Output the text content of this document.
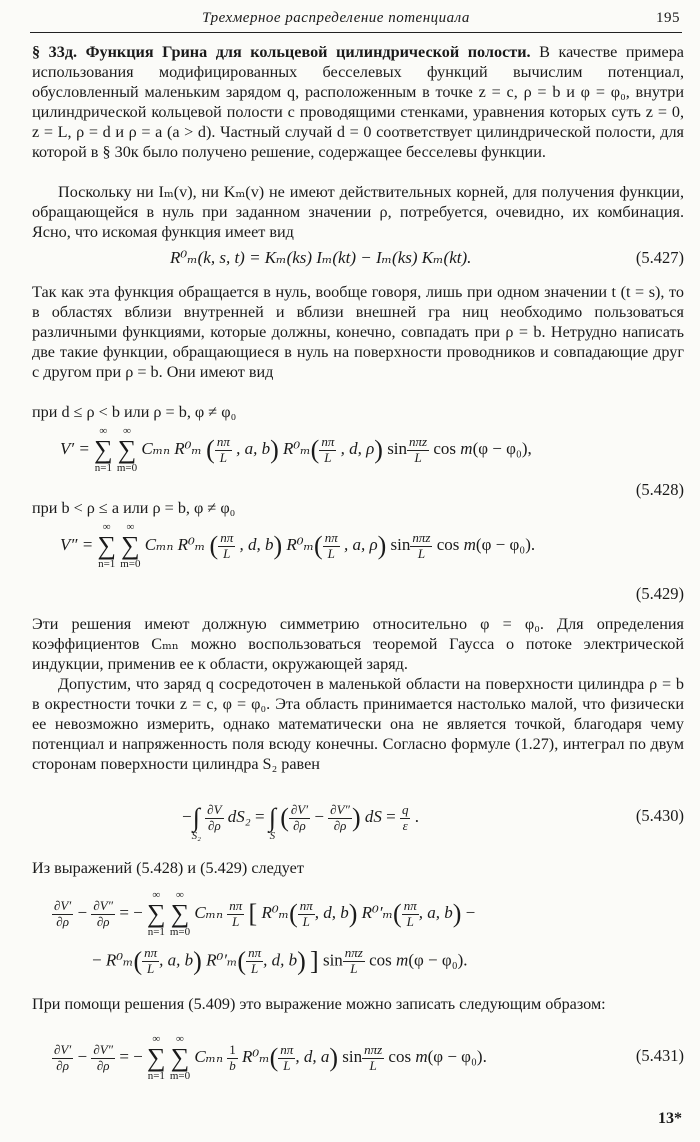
Трехмерное распределение потенциала	195
§ 33д. Функция Грина для кольцевой цилиндрической полости. В качестве примера использования модифицированных бесселевых функций вычислим потенциал, обусловленный маленьким зарядом q, расположенным в точке z = c, ρ = b и φ = φ₀, внутри цилиндрической кольцевой полости с проводящими стенками, уравнения которых суть z = 0, z = L, ρ = d и ρ = a (a > d). Частный случай d = 0 соответствует цилиндрической полости, для которой в § 30к было получено решение, содержащее бесселевы функции.
Поскольку ни Iₘ(v), ни Kₘ(v) не имеют действительных корней, для получения функции, обращающейся в нуль при заданном значении ρ, потребуется, очевидно, их комбинация. Ясно, что искомая функция имеет вид
R⁰ₘ(k, s, t) = Kₘ(ks) Iₘ(kt) − Iₘ(ks) Kₘ(kt).	(5.427)
Так как эта функция обращается в нуль, вообще говоря, лишь при одном значении t (t = s), то в областях вблизи внутренней и вблизи внешней гра ниц необходимо пользоваться различными функциями, которые должны, конечно, совпадать при ρ = b. Нетрудно написать две такие функции, обращающиеся в нуль на поверхности проводников и совпадающие друг с другом при ρ = b. Они имеют вид
при d ≤ ρ < b или ρ = b, φ ≠ φ₀
V′ =
∞
∑
n=1

∞
∑
m=0
Cₘₙ R⁰ₘ ( $\frac{n\pi}{L}$ , a, b) $R^0_m( \frac{n\pi}{L}$ , d, ρ) $\sin \frac{\text{nπz}}{L}$ cos m(φ − φ₀),
(5.428)
при b < ρ ≤ a или ρ = b, φ ≠ φ₀
V″ =
∞
∑
n=1

∞
∑
m=0
Cₘₙ R⁰ₘ ( $\frac{n\pi}{L}$ , d, b) $R^0_m( \frac{n\pi}{L}$ , a, ρ) $\sin \frac{\text{nπz}}{L}$ cos m(φ − φ₀).
(5.429)
Эти решения имеют должную симметрию относительно φ = φ₀. Для определения коэффициентов Cₘₙ можно воспользоваться теоремой Гаусса о потоке электрической индукции, применив ее к области, окружающей заряд.
Допустим, что заряд q сосредоточен в маленькой области на поверхности цилиндра ρ = b в окрестности точки z = c, φ = φ₀. Эта область принимается настолько малой, что физически ее невозможно измерить, однако математически она не является точкой, благодаря чему потенциал и напряженность поля всюду конечны. Согласно формуле (1.27), интеграл по двум сторонам поверхности цилиндра S₂ равен
−
∫
S₂

$\frac{\partial V}{\partial\rho} dS_2$ =
∫
S
( $\frac{\partial V'}{\partial\rho} - \frac{\partial V''}{\partial\rho}$ ) dS = $\frac{q}{\varepsilon}$ .	(5.430)
Из выражений (5.428) и (5.429) следует
$\frac{\partial V'}{\partial\rho} - \frac{\partial V''}{\partial\rho}$ = −
∞
∑
n=1

∞
∑
m=0
Cₘₙ $\frac{n\pi}{L}$ [ $R^0_m( \frac{n\pi}{L}$ , d, b) $R^0'_m( \frac{n\pi}{L}$ , a, b) −
− $R^0_m( \frac{n\pi}{L}$ , a, b) $R^0'_m( \frac{n\pi}{L}$ , d, b) ] $\sin \frac{\text{nπz}}{L}$ cos m(φ − φ₀).
При помощи решения (5.409) это выражение можно записать следующим образом:
$\frac{\partial V'}{\partial\rho} - \frac{\partial V''}{\partial\rho}$ = −
∞
∑
n=1

∞
∑
m=0
Cₘₙ $\frac{1}{b} R^0_m( \frac{n\pi}{L}$ , d, a) $\sin \frac{\text{nπz}}{L}$ cos m(φ − φ₀).	(5.431)
13*
